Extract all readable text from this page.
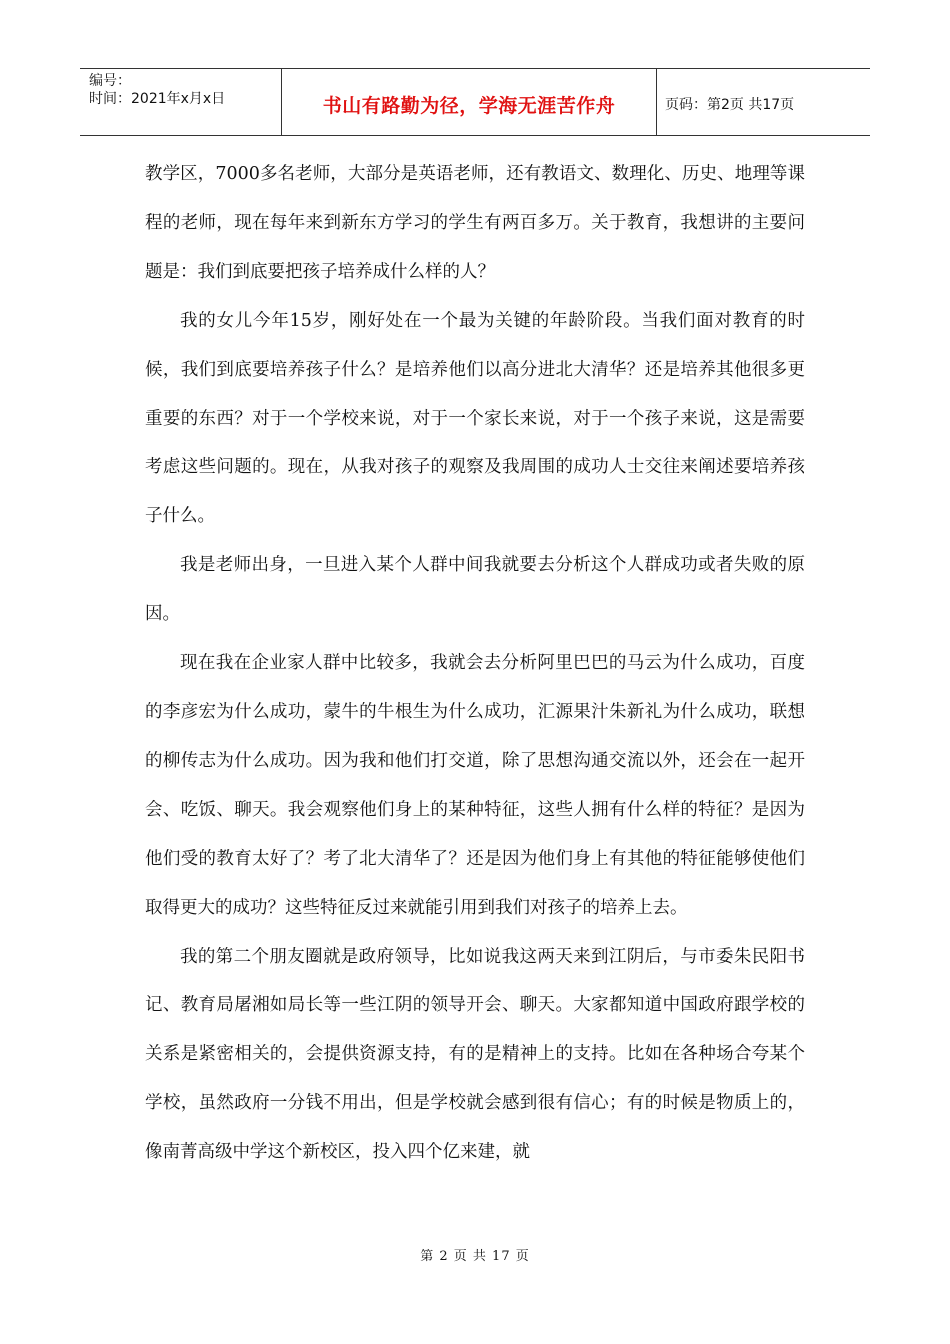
编号：
时间：2021年x月x日	书山有路勤为径，学海无涯苦作舟	页码：第2页 共17页

教学区，7000多名老师，大部分是英语老师，还有教语文、数理化、历史、地理等课程的老师，现在每年来到新东方学习的学生有两百多万。关于教育，我想讲的主要问题是：我们到底要把孩子培养成什么样的人？

我的女儿今年15岁，刚好处在一个最为关键的年龄阶段。当我们面对教育的时候，我们到底要培养孩子什么？是培养他们以高分进北大清华？还是培养其他很多更重要的东西？对于一个学校来说，对于一个家长来说，对于一个孩子来说，这是需要考虑这些问题的。现在，从我对孩子的观察及我周围的成功人士交往来阐述要培养孩子什么。

我是老师出身，一旦进入某个人群中间我就要去分析这个人群成功或者失败的原因。

现在我在企业家人群中比较多，我就会去分析阿里巴巴的马云为什么成功，百度的李彦宏为什么成功，蒙牛的牛根生为什么成功，汇源果汁朱新礼为什么成功，联想的柳传志为什么成功。因为我和他们打交道，除了思想沟通交流以外，还会在一起开会、吃饭、聊天。我会观察他们身上的某种特征，这些人拥有什么样的特征？是因为他们受的教育太好了？考了北大清华了？还是因为他们身上有其他的特征能够使他们取得更大的成功？这些特征反过来就能引用到我们对孩子的培养上去。

我的第二个朋友圈就是政府领导，比如说我这两天来到江阴后，与市委朱民阳书记、教育局屠湘如局长等一些江阴的领导开会、聊天。大家都知道中国政府跟学校的关系是紧密相关的，会提供资源支持，有的是精神上的支持。比如在各种场合夸某个学校，虽然政府一分钱不用出，但是学校就会感到很有信心；有的时候是物质上的，像南菁高级中学这个新校区，投入四个亿来建，就

第 2 页 共 17 页
